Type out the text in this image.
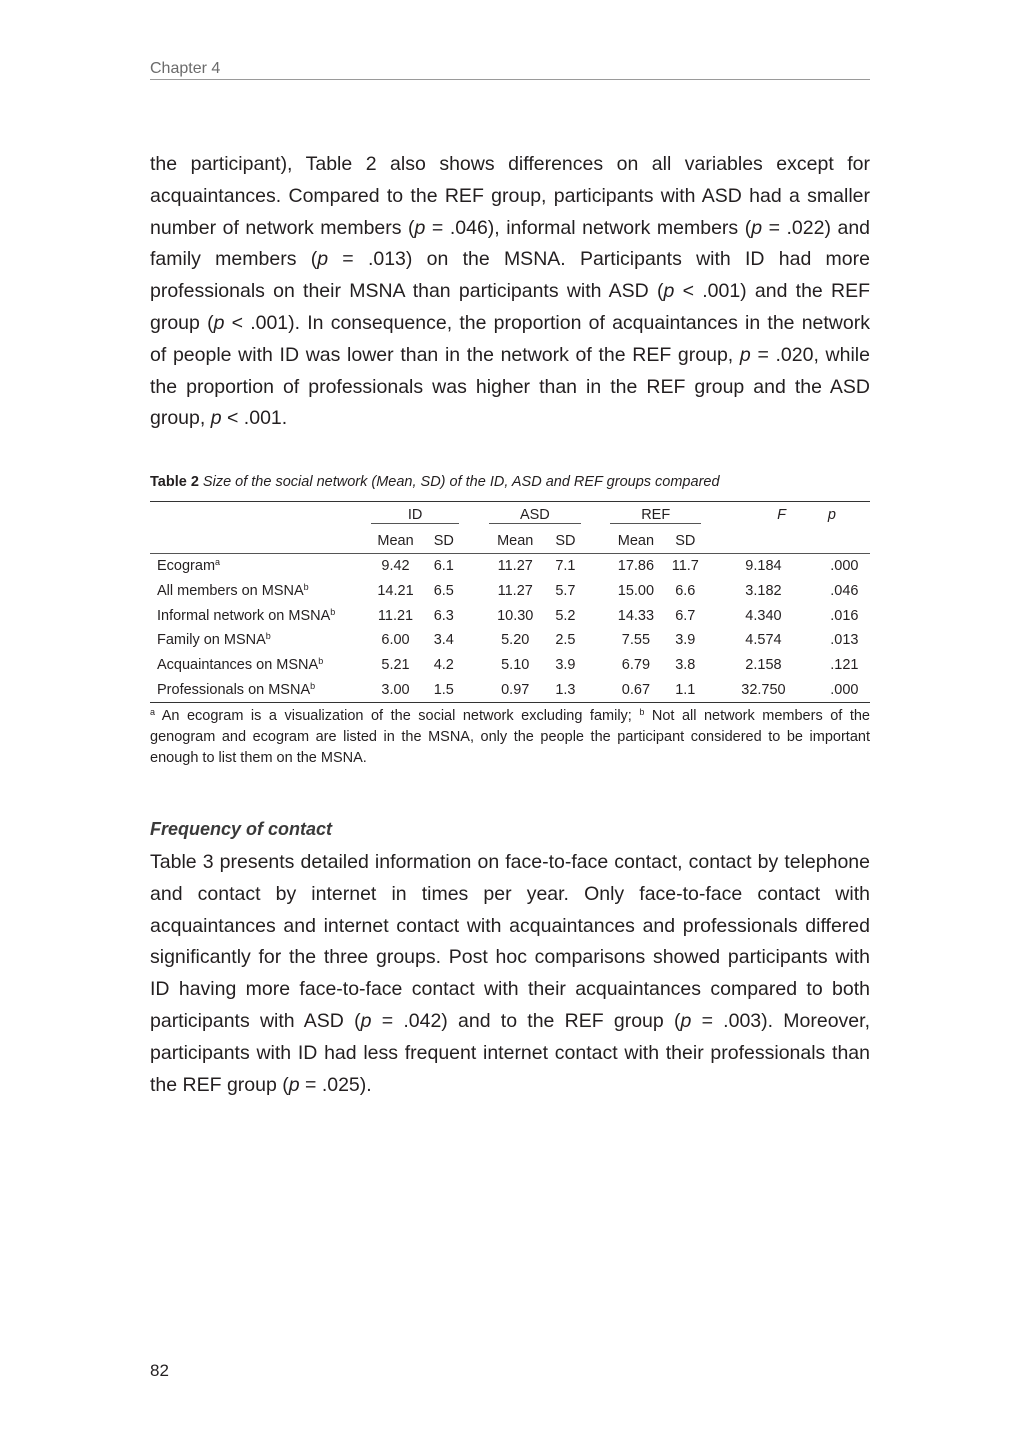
Chapter 4

the participant), Table 2 also shows differences on all variables except for acquaintances. Compared to the REF group, participants with ASD had a smaller number of network members (p = .046), informal network members (p = .022) and family members (p = .013) on the MSNA. Participants with ID had more professionals on their MSNA than participants with ASD (p < .001) and the REF group (p < .001). In consequence, the proportion of acquaintances in the network of people with ID was lower than in the network of the REF group, p = .020, while the proportion of professionals was higher than in the REF group and the ASD group, p < .001.

Table 2 Size of the social network (Mean, SD) of the ID, ASD and REF groups compared

	ID			ASD			REF			F p		
	Mean	SD		Mean	SD		Mean	SD				
Ecogram$^a$	9.42	6.1		11.27	7.1		17.86	11.7		9.184		.000
All members on MSNA$^b$	14.21	6.5		11.27	5.7		15.00	6.6		3.182		.046
Informal network on MSNA$^b$	11.21	6.3		10.30	5.2		14.33	6.7		4.340		.016
Family on MSNA$^b$	6.00	3.4		5.20	2.5		7.55	3.9		4.574		.013
Acquaintances on MSNA$^b$	5.21	4.2		5.10	3.9		6.79	3.8		2.158		.121
Professionals on MSNA$^b$	3.00	1.5		0.97	1.3		0.67	1.1		32.750		.000

$^a$ An ecogram is a visualization of the social network excluding family; $^b$ Not all network members of the genogram and ecogram are listed in the MSNA, only the people the participant considered to be important enough to list them on the MSNA.

Frequency of contact

Table 3 presents detailed information on face-to-face contact, contact by telephone and contact by internet in times per year. Only face-to-face contact with acquaintances and internet contact with acquaintances and professionals differed significantly for the three groups. Post hoc comparisons showed participants with ID having more face-to-face contact with their acquaintances compared to both participants with ASD (p = .042) and to the REF group (p = .003). Moreover, participants with ID had less frequent internet contact with their professionals than the REF group (p = .025).

82
